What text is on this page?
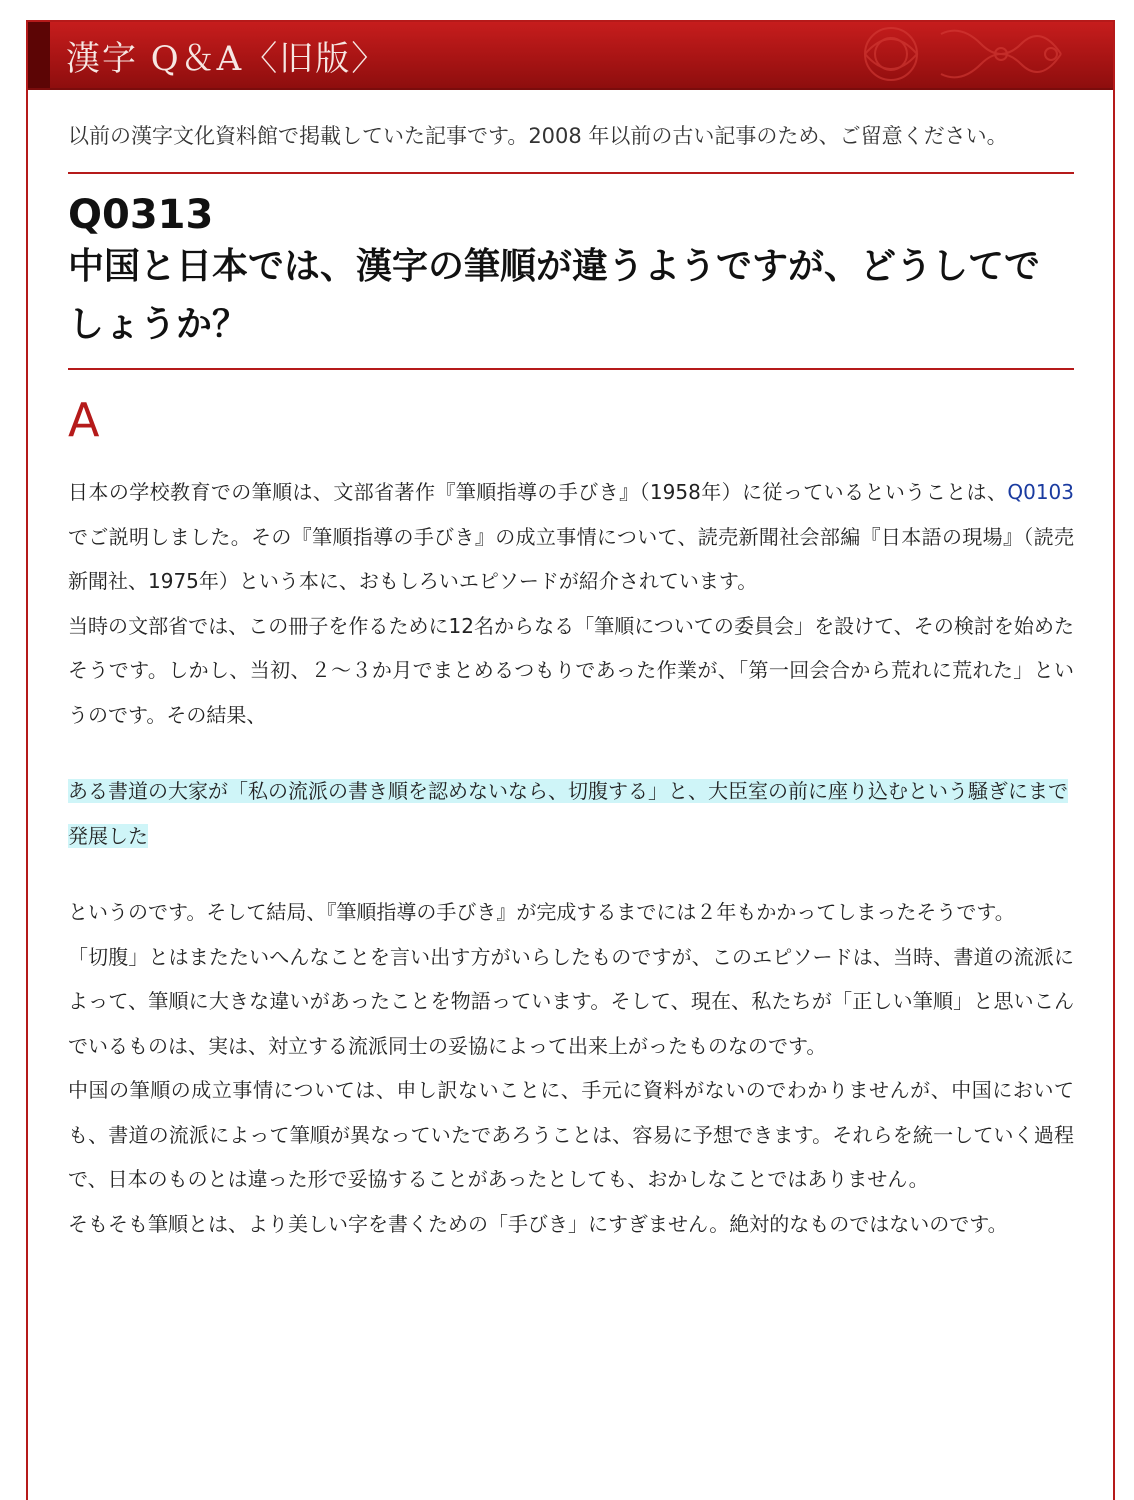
漢字 Q＆A〈旧版〉
以前の漢字文化資料館で掲載していた記事です。2008 年以前の古い記事のため、ご留意ください。
Q0313
中国と日本では、漢字の筆順が違うようですが、どうしてでしょうか？
A

日本の学校教育での筆順は、文部省著作『筆順指導の手びき』（1958年）に従っているということは、Q0103でご説明しました。その『筆順指導の手びき』の成立事情について、読売新聞社会部編『日本語の現場』（読売新聞社、1975年）という本に、おもしろいエピソードが紹介されています。

当時の文部省では、この冊子を作るために12名からなる「筆順についての委員会」を設けて、その検討を始めたそうです。しかし、当初、２〜３か月でまとめるつもりであった作業が、「第一回会合から荒れに荒れた」というのです。その結果、

ある書道の大家が「私の流派の書き順を認めないなら、切腹する」と、大臣室の前に座り込むという騒ぎにまで発展した

というのです。そして結局、『筆順指導の手びき』が完成するまでには２年もかかってしまったそうです。

「切腹」とはまたたいへんなことを言い出す方がいらしたものですが、このエピソードは、当時、書道の流派によって、筆順に大きな違いがあったことを物語っています。そして、現在、私たちが「正しい筆順」と思いこんでいるものは、実は、対立する流派同士の妥協によって出来上がったものなのです。

中国の筆順の成立事情については、申し訳ないことに、手元に資料がないのでわかりませんが、中国においても、書道の流派によって筆順が異なっていたであろうことは、容易に予想できます。それらを統一していく過程で、日本のものとは違った形で妥協することがあったとしても、おかしなことではありません。

そもそも筆順とは、より美しい字を書くための「手びき」にすぎません。絶対的なものではないのです。
